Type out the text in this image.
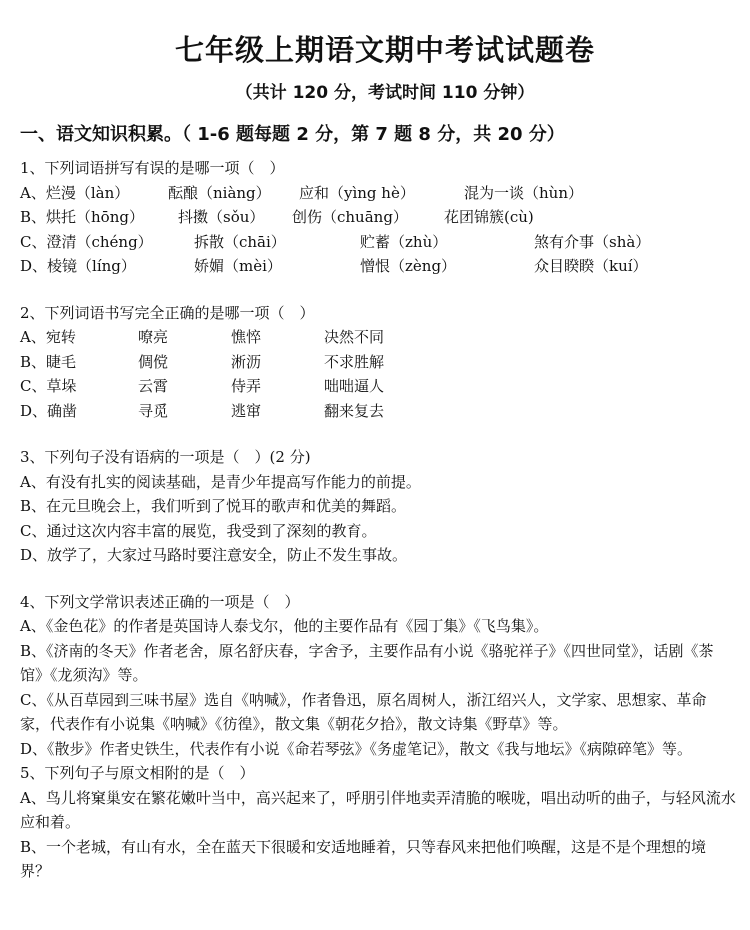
七年级上期语文期中考试试题卷
（共计 120 分，考试时间 110 分钟）
一、语文知识积累。（ 1-6 题每题 2 分，第 7 题 8 分，共 20 分）
1、下列词语拼写有误的是哪一项（　）
A、烂漫（làn）	酝酿（niàng）	应和（yìng hè）	混为一谈（hùn）
B、烘托（hōng）	抖擞（sǒu）	创伤（chuāng）	花团锦簇(cù)
C、澄清（chéng）	拆散（chāi）	贮蓄（zhù）	煞有介事（shà）
D、棱镜（líng）	娇媚（mèi）	憎恨（zèng）	众目睽睽（kuí）
2、下列词语书写完全正确的是哪一项（　）
A、宛转	嘹亮	憔悴	决然不同
B、睫毛	倜傥	淅沥	不求胜解
C、草垛	云霄	侍弄	咄咄逼人
D、确凿	寻觅	逃窜	翻来复去
3、下列句子没有语病的一项是（　）(2 分)
A、有没有扎实的阅读基础，是青少年提高写作能力的前提。
B、在元旦晚会上，我们听到了悦耳的歌声和优美的舞蹈。
C、通过这次内容丰富的展览，我受到了深刻的教育。
D、放学了，大家过马路时要注意安全，防止不发生事故。
4、下列文学常识表述正确的一项是（　）
A、《金色花》的作者是英国诗人泰戈尔，他的主要作品有《园丁集》《飞鸟集》。
B、《济南的冬天》作者老舍，原名舒庆春，字舍予，主要作品有小说《骆驼祥子》《四世同堂》，话剧《茶馆》《龙须沟》等。
C、《从百草园到三味书屋》选自《呐喊》，作者鲁迅，原名周树人，浙江绍兴人，文学家、思想家、革命家，代表作有小说集《呐喊》《彷徨》，散文集《朝花夕拾》，散文诗集《野草》等。
D、《散步》作者史铁生，代表作有小说《命若琴弦》《务虚笔记》，散文《我与地坛》《病隙碎笔》等。
5、下列句子与原文相附的是（　）
A、鸟儿将窠巢安在繁花嫩叶当中，高兴起来了，呼朋引伴地卖弄清脆的喉咙，唱出动听的曲子，与轻风流水应和着。
B、一个老城，有山有水，全在蓝天下很暖和安适地睡着，只等春风来把他们唤醒，这是不是个理想的境界？
